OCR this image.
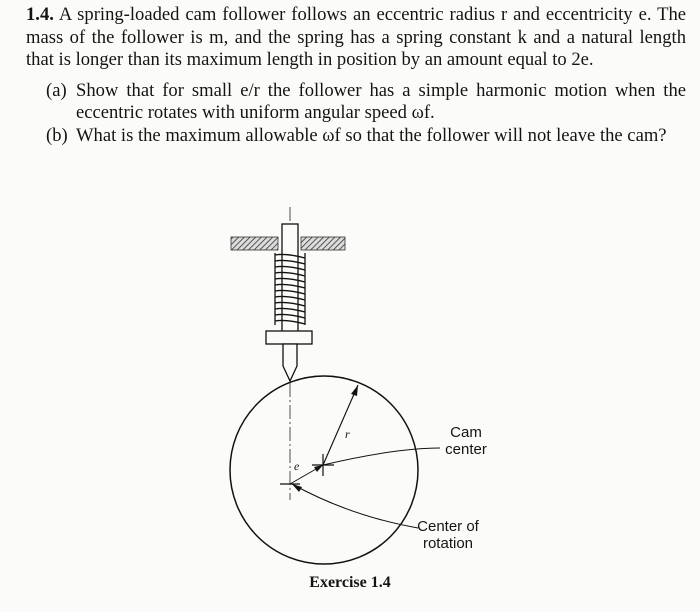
1.4. A spring-loaded cam follower follows an eccentric radius r and eccentricity e. The mass of the follower is m, and the spring has a spring constant k and a natural length that is longer than its maximum length in position by an amount equal to 2e.

(a) Show that for small e/r the follower has a simple harmonic motion when the eccentric rotates with uniform angular speed ωf.
(b) What is the maximum allowable ωf so that the follower will not leave the cam?
r
e
Cam center
Center of rotation
Exercise 1.4
